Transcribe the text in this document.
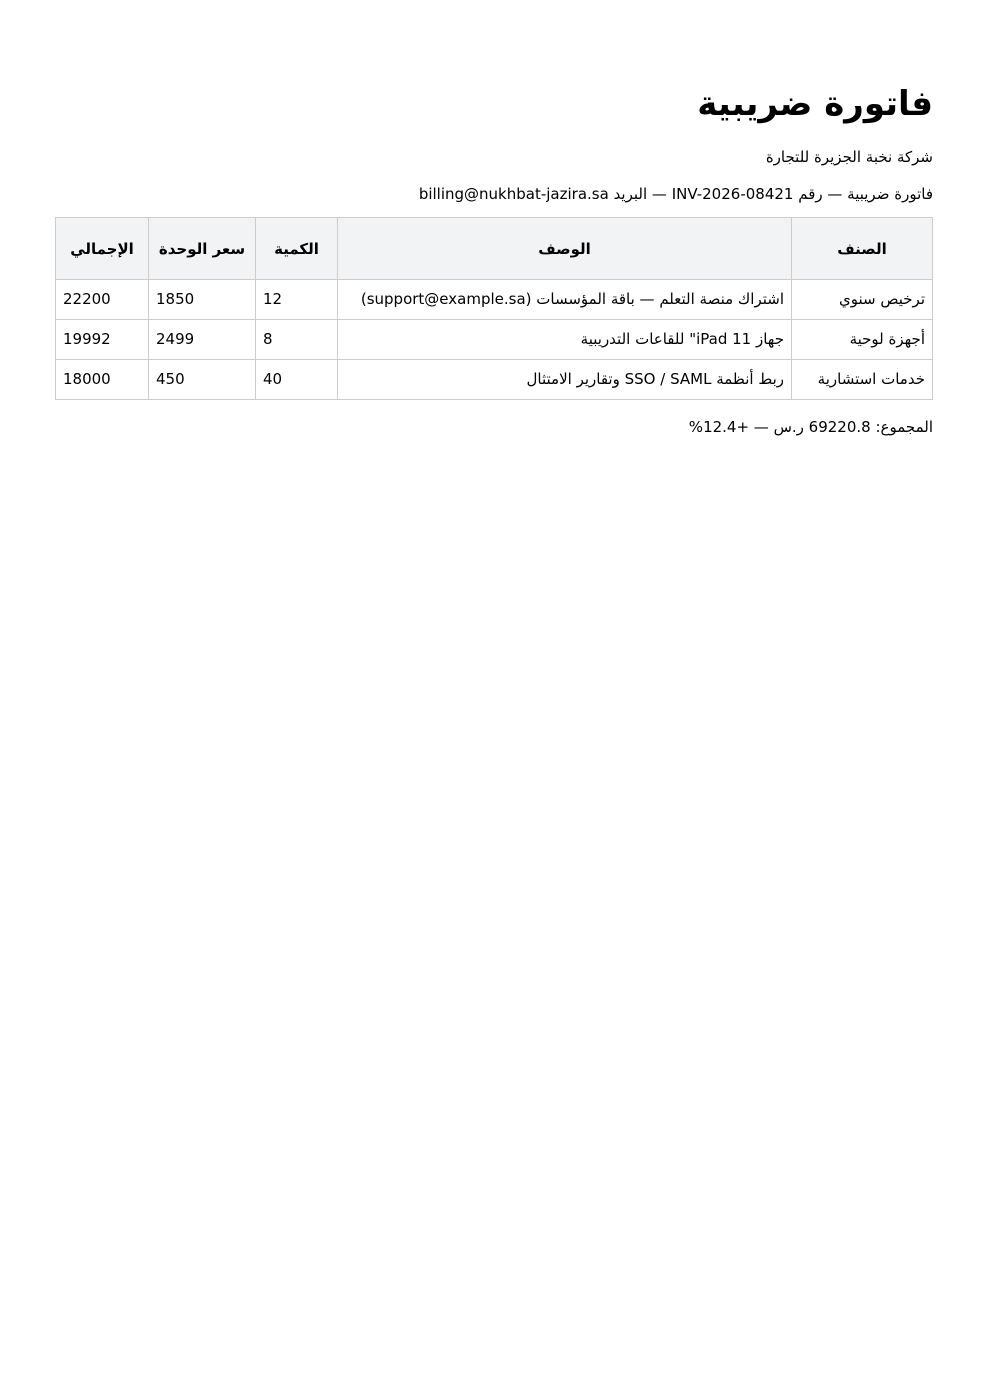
فاتورة ضريبية

شركة نخبة الجزيرة للتجارة

فاتورة ضريبية — رقم INV-2026-08421 — البريد billing@nukhbat-jazira.sa

الصنف	الوصف	الكمية	سعر الوحدة	الإجمالي
ترخيص سنوي	اشتراك منصة التعلم — باقة المؤسسات (support@example.sa)	12	1850	22200
أجهزة لوحية	جهاز iPad 11" للقاعات التدريبية	8	2499	19992
خدمات استشارية	ربط أنظمة SSO / SAML وتقارير الامتثال	40	450	18000

المجموع: 69220.8 ر.س — +12.4%
